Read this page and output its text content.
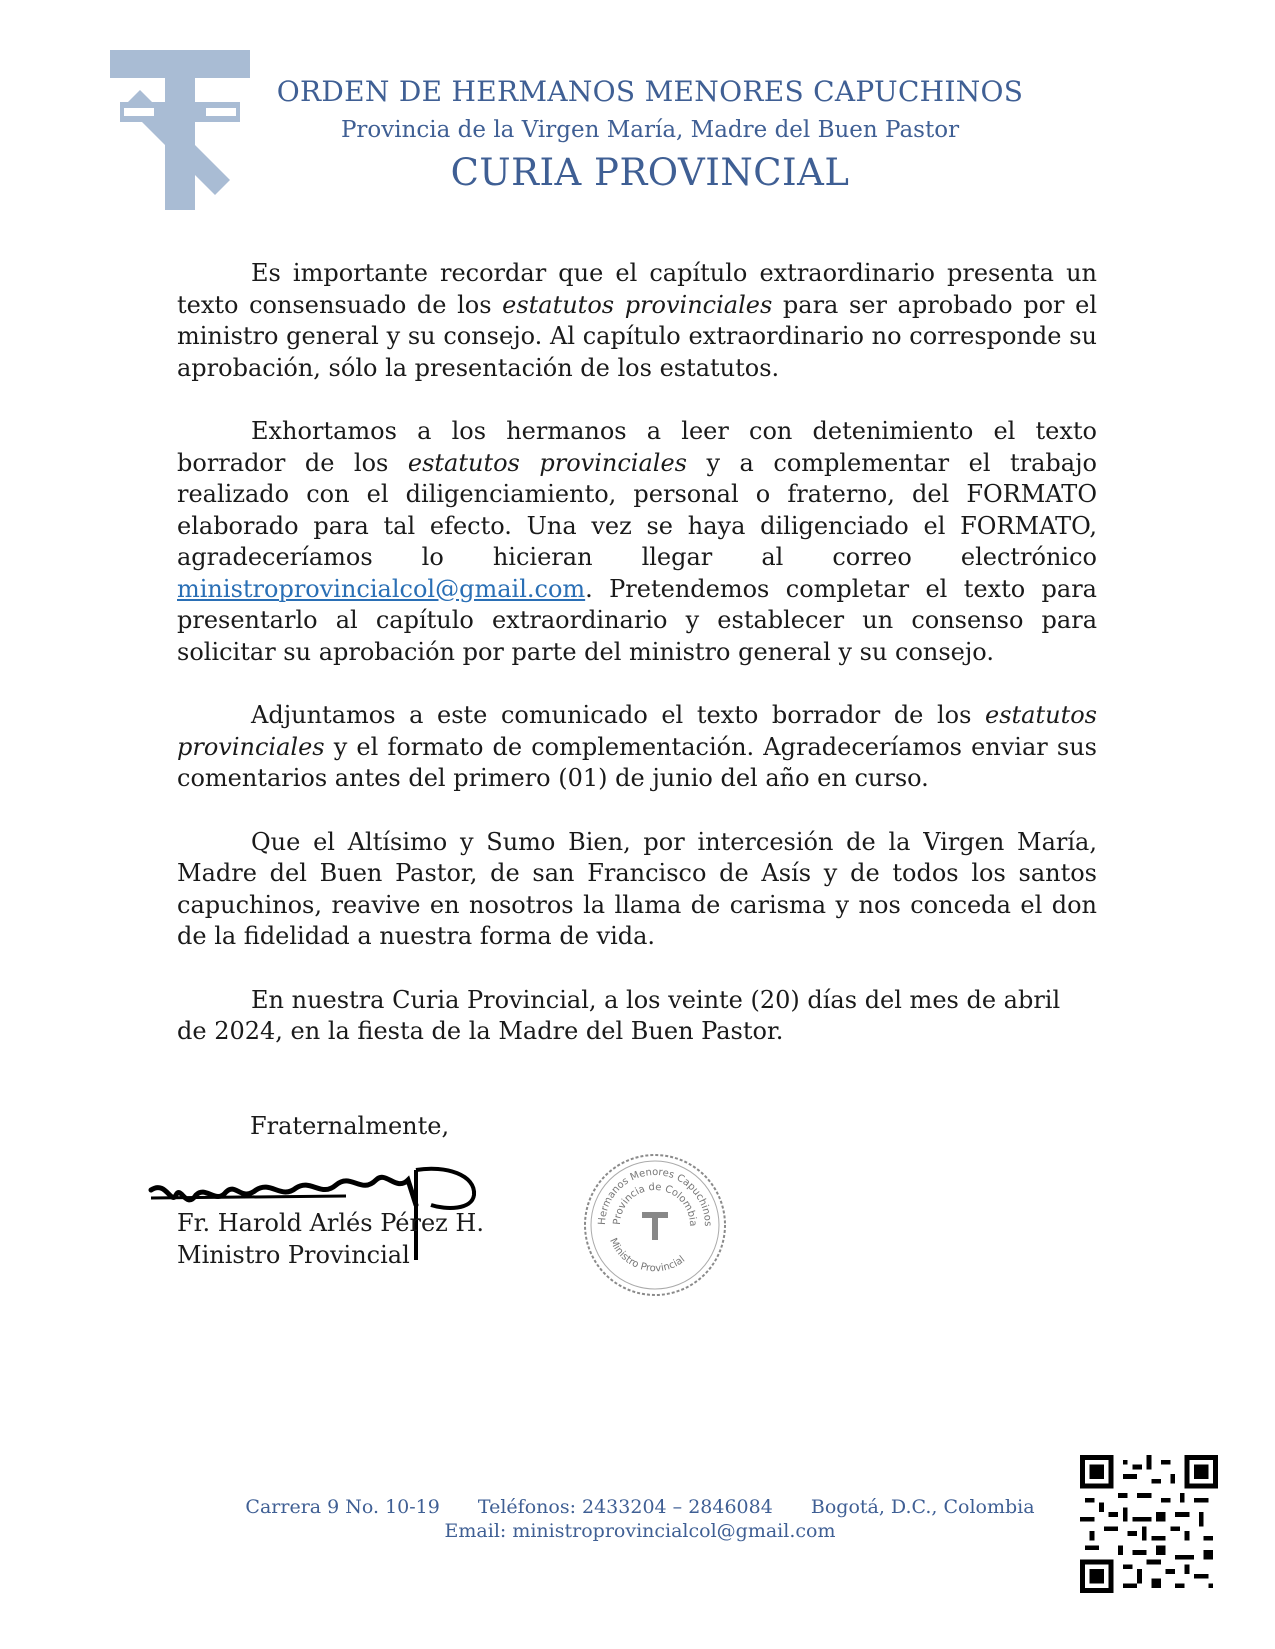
ORDEN DE HERMANOS MENORES CAPUCHINOS
Provincia de la Virgen María, Madre del Buen Pastor
CURIA PROVINCIAL

Es importante recordar que el capítulo extraordinario presenta un texto consensuado de los estatutos provinciales para ser aprobado por el ministro general y su consejo. Al capítulo extraordinario no corresponde su aprobación, sólo la presentación de los estatutos.

Exhortamos a los hermanos a leer con detenimiento el texto borrador de los estatutos provinciales y a complementar el trabajo realizado con el diligenciamiento, personal o fraterno, del FORMATO elaborado para tal efecto. Una vez se haya diligenciado el FORMATO, agradeceríamos lo hicieran llegar al correo electrónico ministroprovincialcol@gmail.com. Pretendemos completar el texto para presentarlo al capítulo extraordinario y establecer un consenso para solicitar su aprobación por parte del ministro general y su consejo.

Adjuntamos a este comunicado el texto borrador de los estatutos provinciales y el formato de complementación. Agradeceríamos enviar sus comentarios antes del primero (01) de junio del año en curso.

Que el Altísimo y Sumo Bien, por intercesión de la Virgen María, Madre del Buen Pastor, de san Francisco de Asís y de todos los santos capuchinos, reavive en nosotros la llama de carisma y nos conceda el don de la fidelidad a nuestra forma de vida.

En nuestra Curia Provincial, a los veinte (20) días del mes de abril de 2024, en la fiesta de la Madre del Buen Pastor.

Fraternalmente,
Fr. Harold Arlés Pérez H.
Ministro Provincial
Hermanos Menores Capuchinos
Provincia de Colombia
Ministro Provincial
Carrera 9 No. 10-19 Teléfonos: 2433204 – 2846084 Bogotá, D.C., Colombia
Email: ministroprovincialcol@gmail.com
